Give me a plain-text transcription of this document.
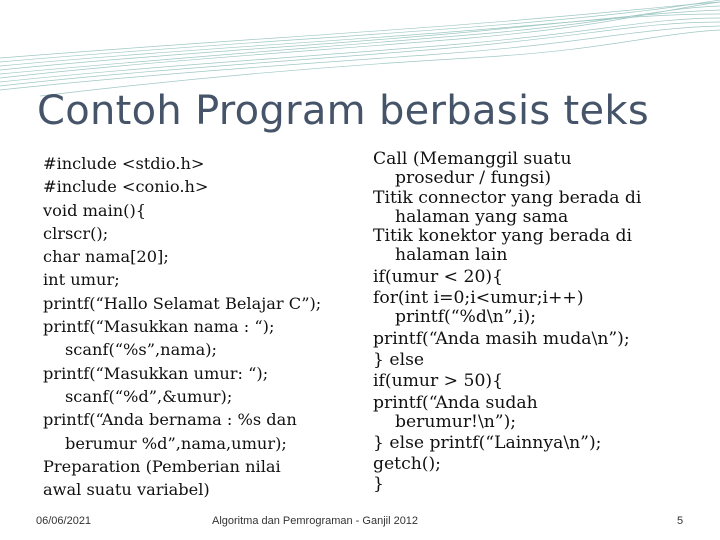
Contoh Program berbasis teks
#include <stdio.h>
#include <conio.h>
void main(){
clrscr();
char nama[20];
int umur;
printf(“Hallo Selamat Belajar C”);
printf(“Masukkan nama : “);
scanf(“%s”,nama);
printf(“Masukkan umur: “);
scanf(“%d”,&umur);
printf(“Anda bernama : %s dan
berumur %d”,nama,umur);
Preparation (Pemberian nilai
awal suatu variabel)
Call (Memanggil suatu
prosedur / fungsi)
Titik connector yang berada di
halaman yang sama
Titik konektor yang berada di
halaman lain
if(umur < 20){
for(int i=0;i<umur;i++)
printf(“%d\n”,i);
printf(“Anda masih muda\n”);
} else
if(umur > 50){
printf(“Anda sudah
berumur!\n”);
} else printf(“Lainnya\n”);
getch();
}
06/06/2021	Algoritma dan Pemrograman - Ganjil 2012	5
